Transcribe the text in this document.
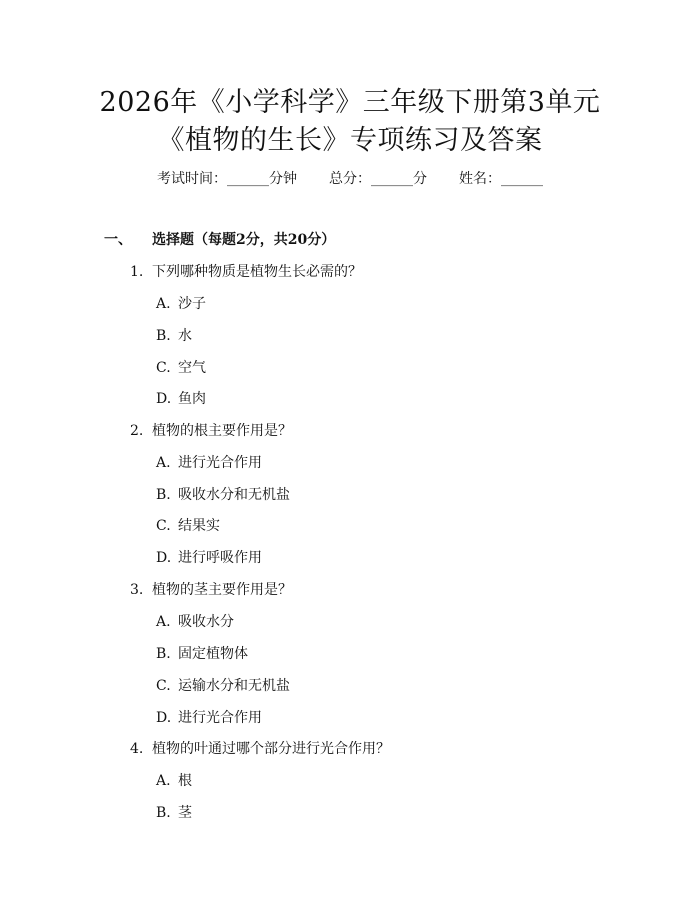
2026年《小学科学》三年级下册第3单元
《植物的生长》专项练习及答案
考试时间：______分钟 总分：______分 姓名：______
一、 选择题（每题2分，共20分）
1. 下列哪种物质是植物生长必需的？
A. 沙子
B. 水
C. 空气
D. 鱼肉
2. 植物的根主要作用是？
A. 进行光合作用
B. 吸收水分和无机盐
C. 结果实
D. 进行呼吸作用
3. 植物的茎主要作用是？
A. 吸收水分
B. 固定植物体
C. 运输水分和无机盐
D. 进行光合作用
4. 植物的叶通过哪个部分进行光合作用？
A. 根
B. 茎
